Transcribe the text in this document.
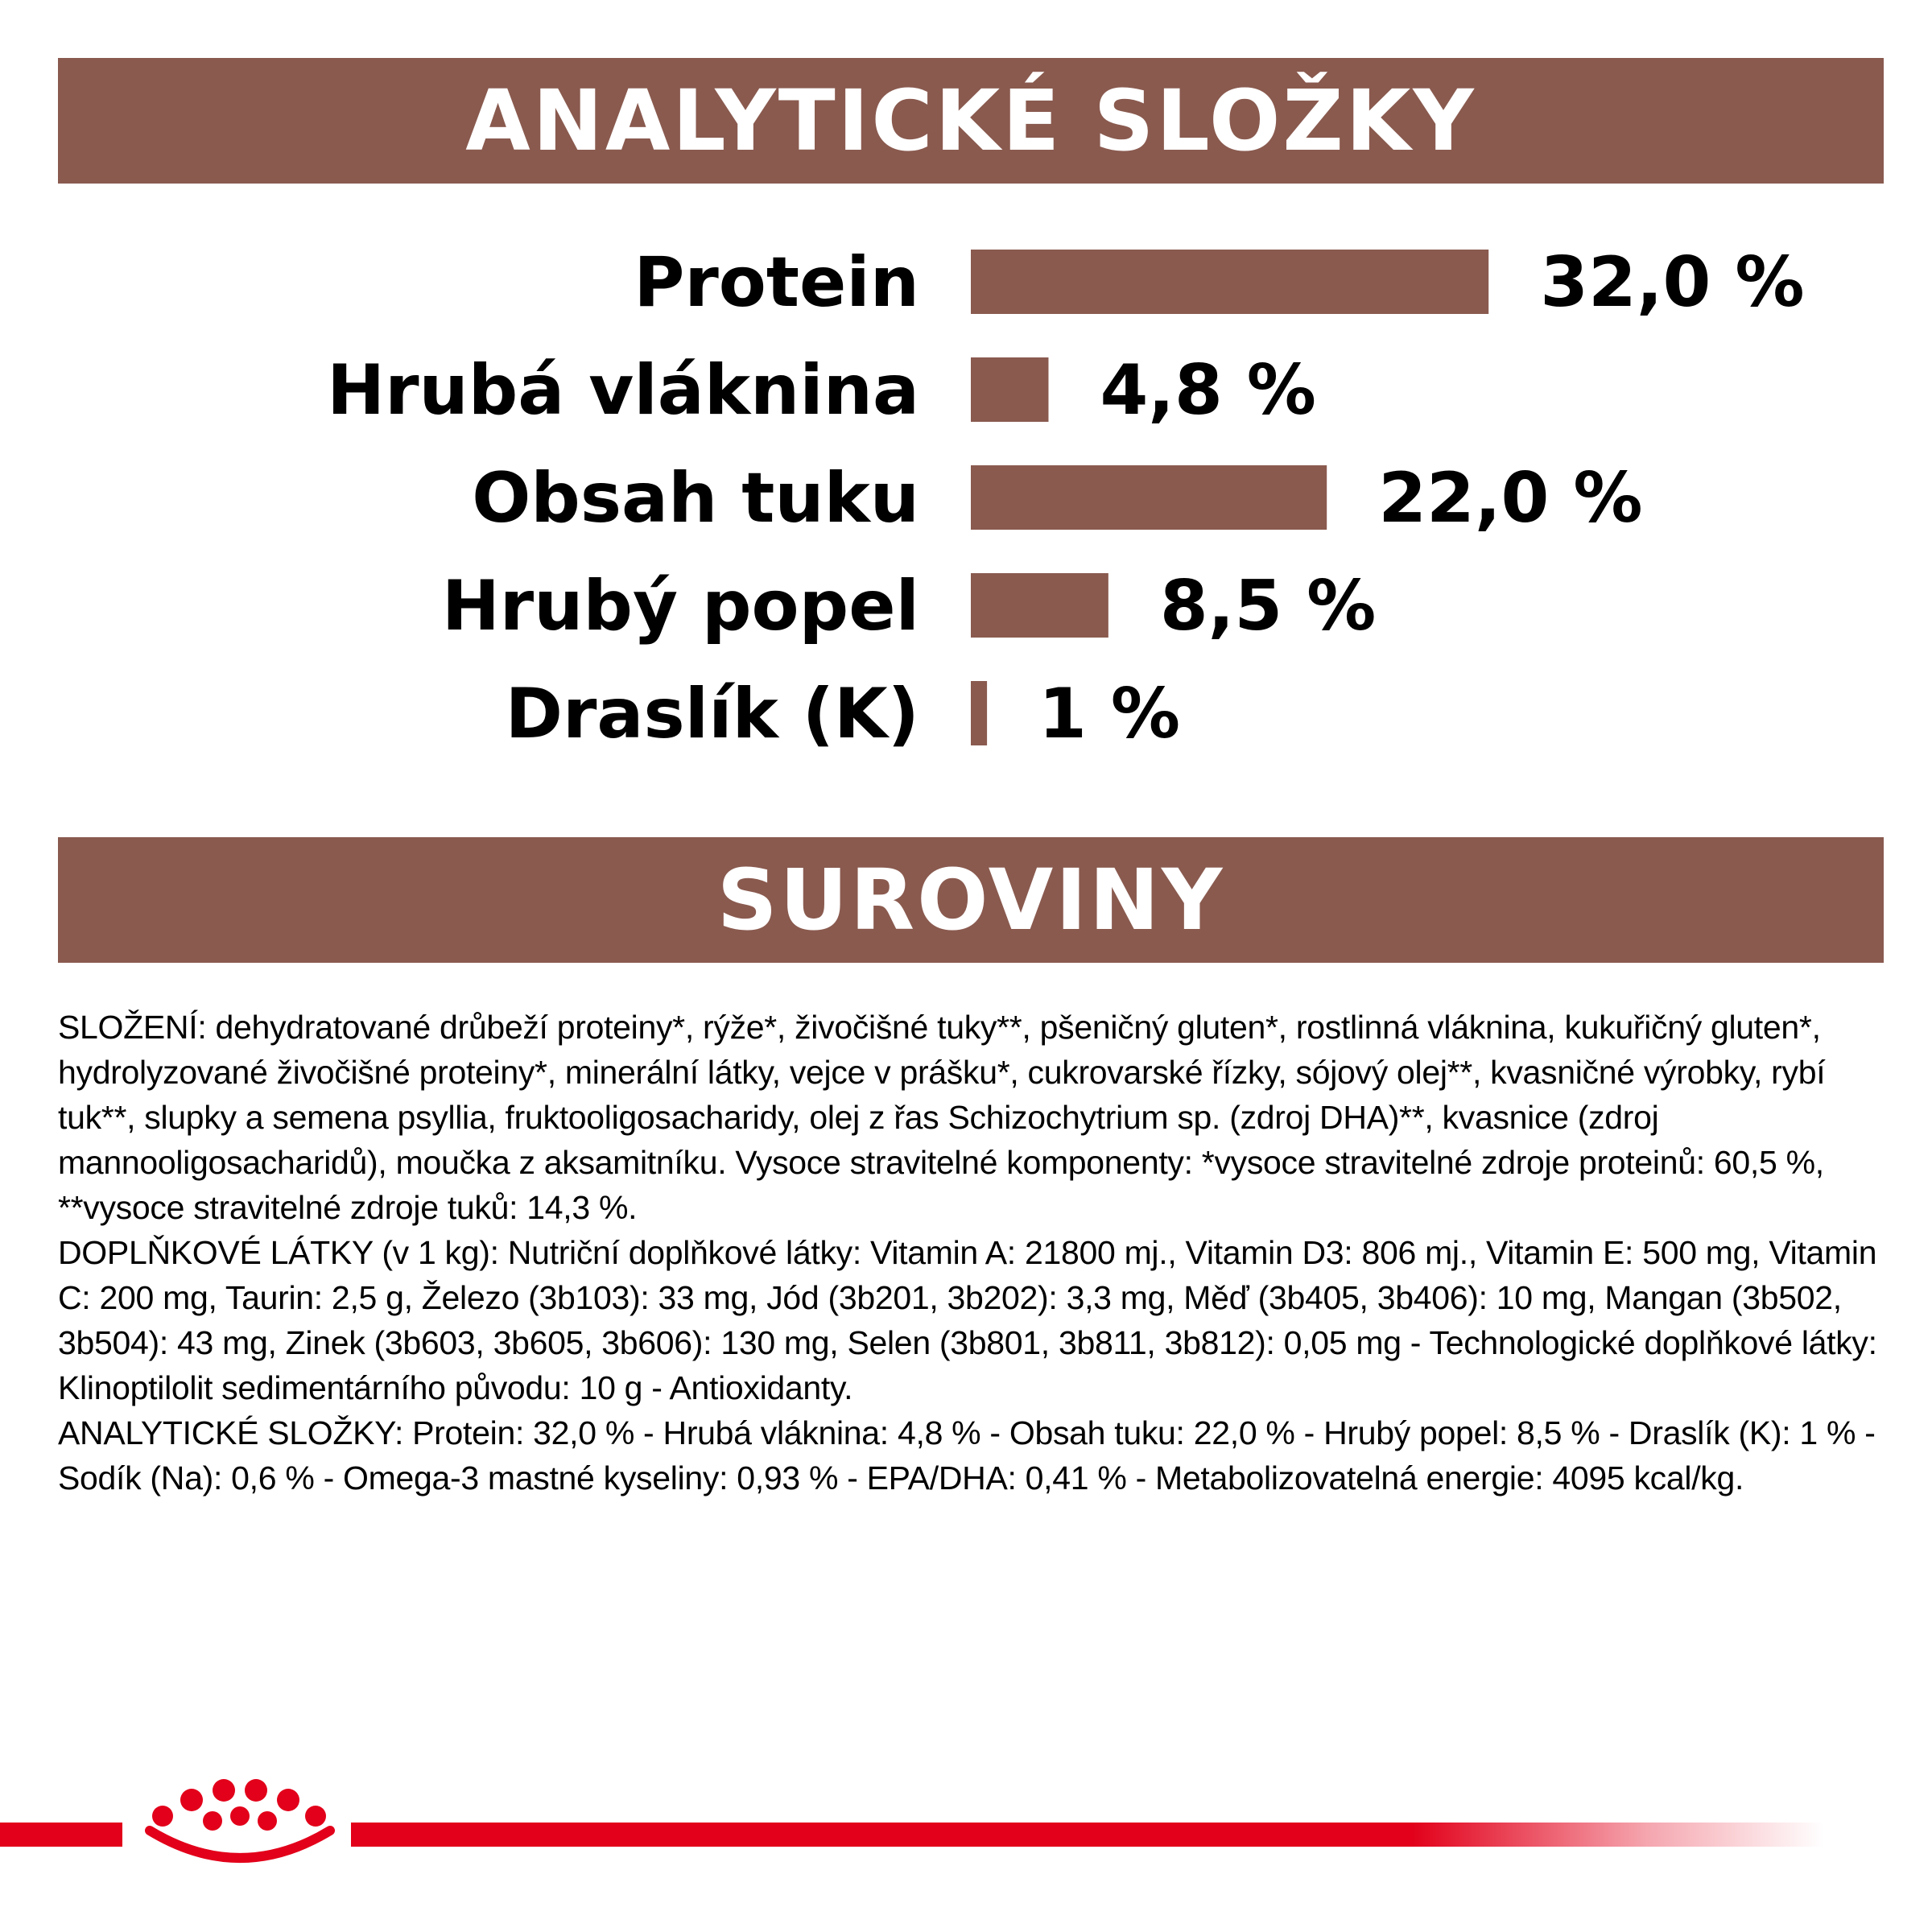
ANALYTICKÉ SLOŽKY
Protein	32,0 %
Hrubá vláknina	4,8 %
Obsah tuku	22,0 %
Hrubý popel	8,5 %
Draslík (K) 1 %
SUROVINY

SLOŽENÍ: dehydratované drůbeží proteiny*, rýže*, živočišné tuky**, pšeničný gluten*, rostlinná vláknina, kukuřičný gluten*, hydrolyzované živočišné proteiny*, minerální látky, vejce v prášku*, cukrovarské řízky, sójový olej**, kvasničné výrobky, rybí tuk**, slupky a semena psyllia, fruktooligosacharidy, olej z řas Schizochytrium sp. (zdroj DHA)**, kvasnice (zdroj mannooligosacharidů), moučka z aksamitníku. Vysoce stravitelné komponenty: *vysoce stravitelné zdroje proteinů: 60,5 %, **vysoce stravitelné zdroje tuků: 14,3 %.

DOPLŇKOVÉ LÁTKY (v 1 kg): Nutriční doplňkové látky: Vitamin A: 21800 mj., Vitamin D3: 806 mj., Vitamin E: 500 mg, Vitamin C: 200 mg, Taurin: 2,5 g, Železo (3b103): 33 mg, Jód (3b201, 3b202): 3,3 mg, Měď (3b405, 3b406): 10 mg, Mangan (3b502, 3b504): 43 mg, Zinek (3b603, 3b605, 3b606): 130 mg, Selen (3b801, 3b811, 3b812): 0,05 mg - Technologické doplňkové látky: Klinoptilolit sedimentárního původu: 10 g - Antioxidanty.

ANALYTICKÉ SLOŽKY: Protein: 32,0 % - Hrubá vláknina: 4,8 % - Obsah tuku: 22,0 % - Hrubý popel: 8,5 % - Draslík (K): 1 % - Sodík (Na): 0,6 % - Omega-3 mastné kyseliny: 0,93 % - EPA/DHA: 0,41 % - Metabolizovatelná energie: 4095 kcal/kg.
